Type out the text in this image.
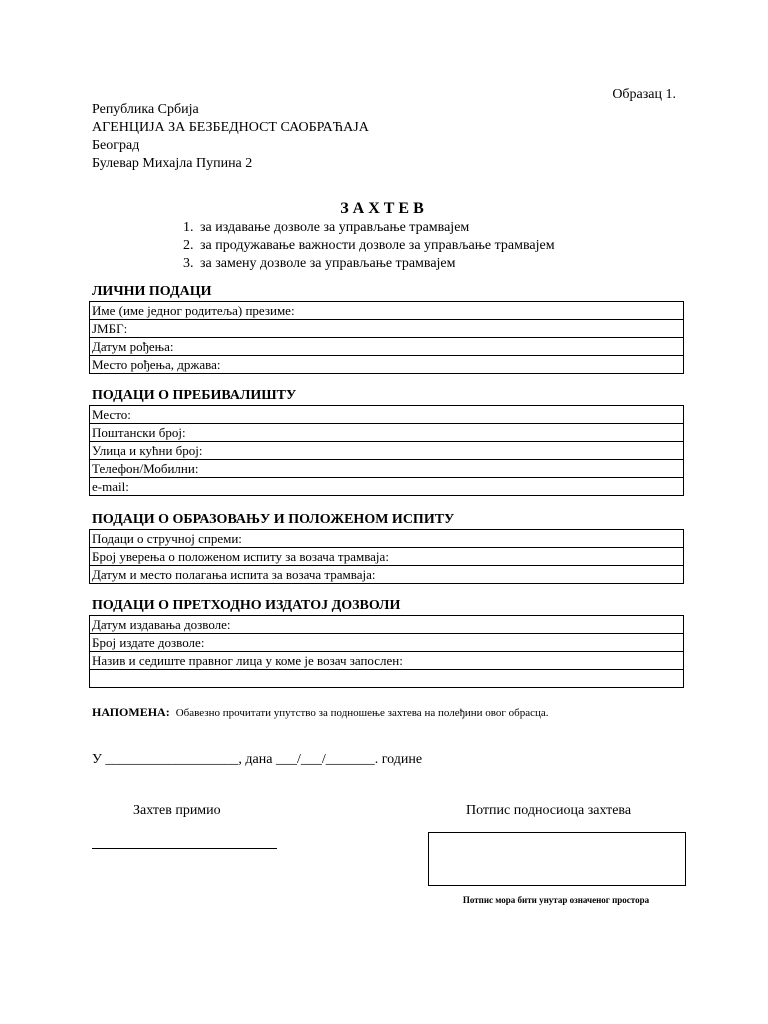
Образац 1.
Република Србија
АГЕНЦИЈА ЗА БЕЗБЕДНОСТ САОБРАЋАЈА
Београд
Булевар Михајла Пупина 2
ЗАХТЕВ
1. за издавање дозволе за управљање трамвајем
2. за продужавање важности дозволе за управљање трамвајем
3. за замену дозволе за управљање трамвајем
ЛИЧНИ ПОДАЦИ
Име (име једног родитеља) презиме:
ЈМБГ:
Датум рођења:
Место рођења, држава:
ПОДАЦИ О ПРЕБИВАЛИШТУ
Место:
Поштански број:
Улица и кућни број:
Телефон/Мобилни:
e-mail:
ПОДАЦИ О ОБРАЗОВАЊУ И ПОЛОЖЕНОМ ИСПИТУ
Подаци о стручној спреми:
Број уверења о положеном испиту за возача трамваја:
Датум и место полагања испита за возача трамваја:
ПОДАЦИ О ПРЕТХОДНО ИЗДАТОЈ ДОЗВОЛИ
Датум издавања дозволе:
Број издате дозволе:
Назив и седиште правног лица у коме је возач запослен:

НАПОМЕНА: Обавезно прочитати упутство за подношење захтева на полеђини овог обрасца.
У ___________________, дана ___/___/_______. године
Захтев примио	Потпис подносиоца захтева
Потпис мора бити унутар означеног простора
